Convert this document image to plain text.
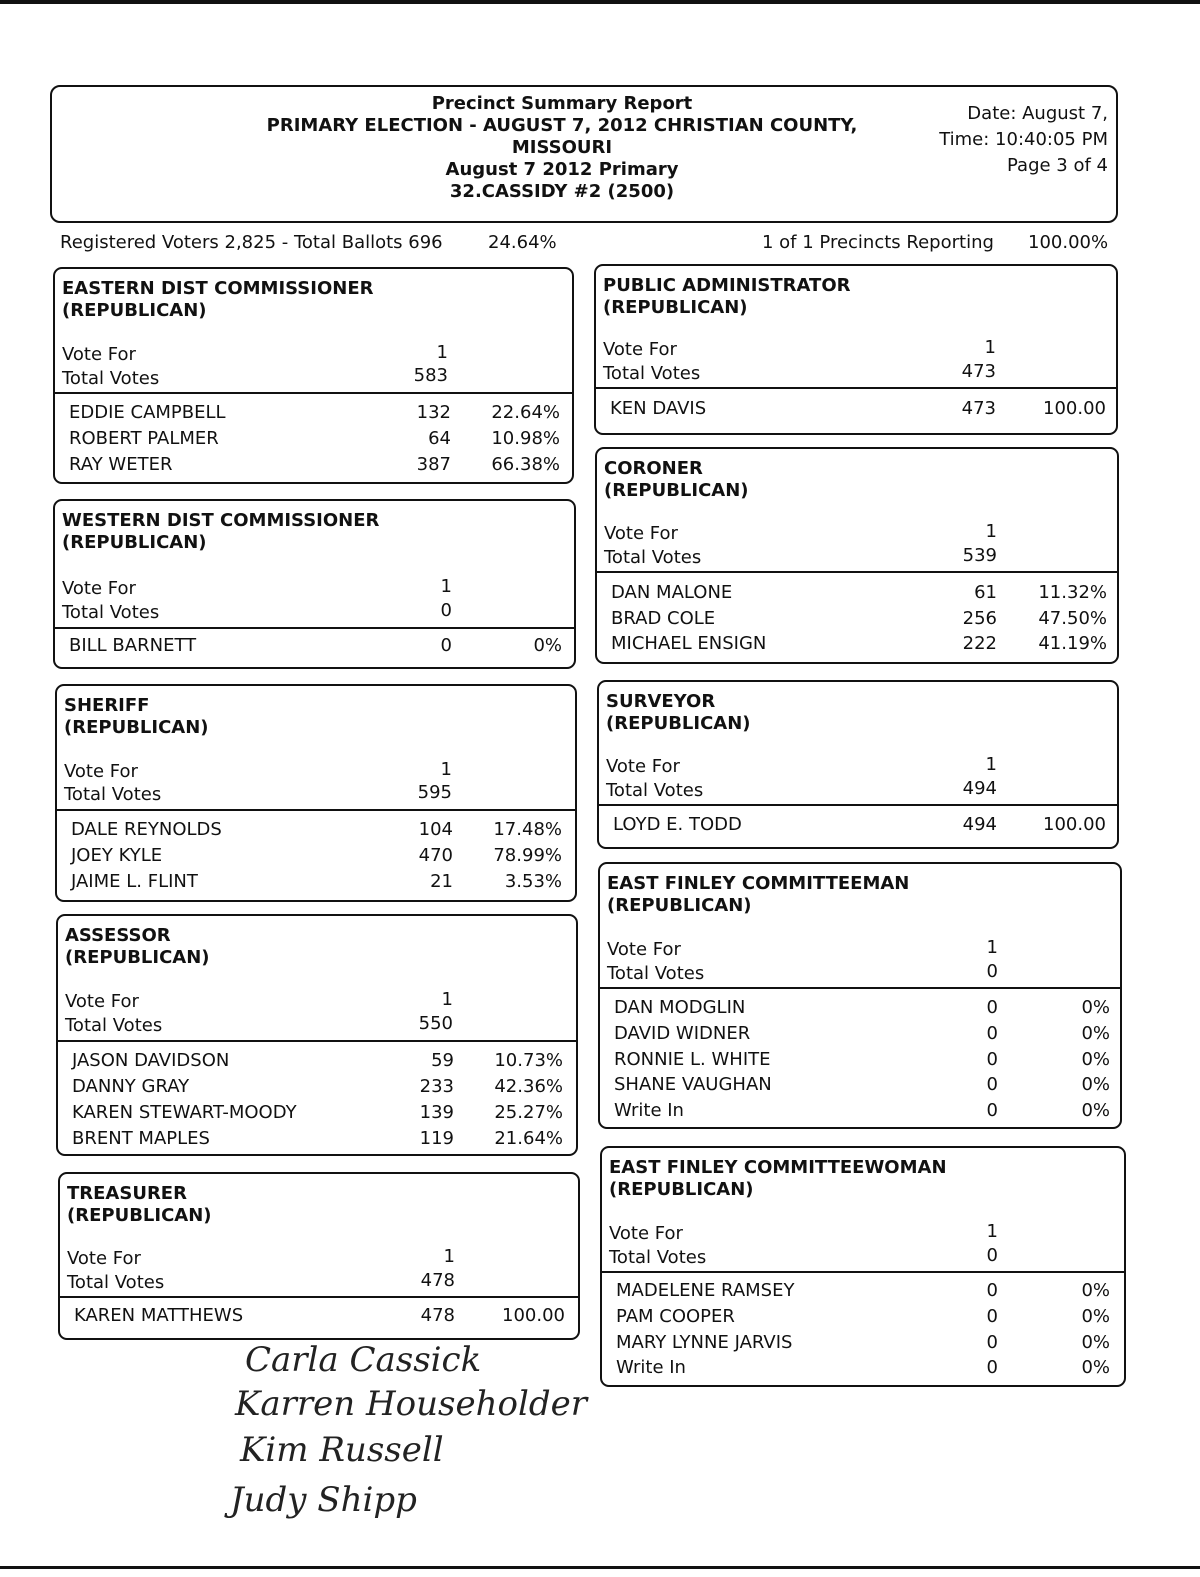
Precinct Summary Report
PRIMARY ELECTION - AUGUST 7, 2012 CHRISTIAN COUNTY,
MISSOURI
August 7 2012 Primary
32.CASSIDY #2 (2500)
Date: August 7,
Time: 10:40:05 PM
Page 3 of 4
Registered Voters 2,825 - Total Ballots 696	24.64%	1 of 1 Precincts Reporting 100.00%
EASTERN DIST COMMISSIONER
(REPUBLICAN)
Vote For	1
Total Votes	583
EDDIE CAMPBELL	132	22.64%
ROBERT PALMER	64	10.98%
RAY WETER	387	66.38%
WESTERN DIST COMMISSIONER
(REPUBLICAN)
Vote For	1
Total Votes	0
BILL BARNETT	0	0%
SHERIFF
(REPUBLICAN)
Vote For	1
Total Votes	595
DALE REYNOLDS	104	17.48%
JOEY KYLE	470	78.99%
JAIME L. FLINT	21	3.53%
ASSESSOR
(REPUBLICAN)
Vote For	1
Total Votes	550
JASON DAVIDSON	59	10.73%
DANNY GRAY	233	42.36%
KAREN STEWART-MOODY	139	25.27%
BRENT MAPLES	119	21.64%
TREASURER
(REPUBLICAN)
Vote For	1
Total Votes	478
KAREN MATTHEWS	478	100.00
PUBLIC ADMINISTRATOR
(REPUBLICAN)
Vote For	1
Total Votes	473
KEN DAVIS	473	100.00
CORONER
(REPUBLICAN)
Vote For	1
Total Votes	539
DAN MALONE	61	11.32%
BRAD COLE	256	47.50%
MICHAEL ENSIGN	222	41.19%
SURVEYOR
(REPUBLICAN)
Vote For	1
Total Votes	494
LOYD E. TODD	494	100.00
EAST FINLEY COMMITTEEMAN
(REPUBLICAN)
Vote For	1
Total Votes	0
DAN MODGLIN	0	0%
DAVID WIDNER	0	0%
RONNIE L. WHITE	0	0%
SHANE VAUGHAN	0	0%
Write In	0	0%
EAST FINLEY COMMITTEEWOMAN
(REPUBLICAN)
Vote For	1
Total Votes	0
MADELENE RAMSEY	0	0%
PAM COOPER	0	0%
MARY LYNNE JARVIS	0	0%
Write In	0	0%
Carla Cassick
Karren Householder
Kim Russell
Judy Shipp
